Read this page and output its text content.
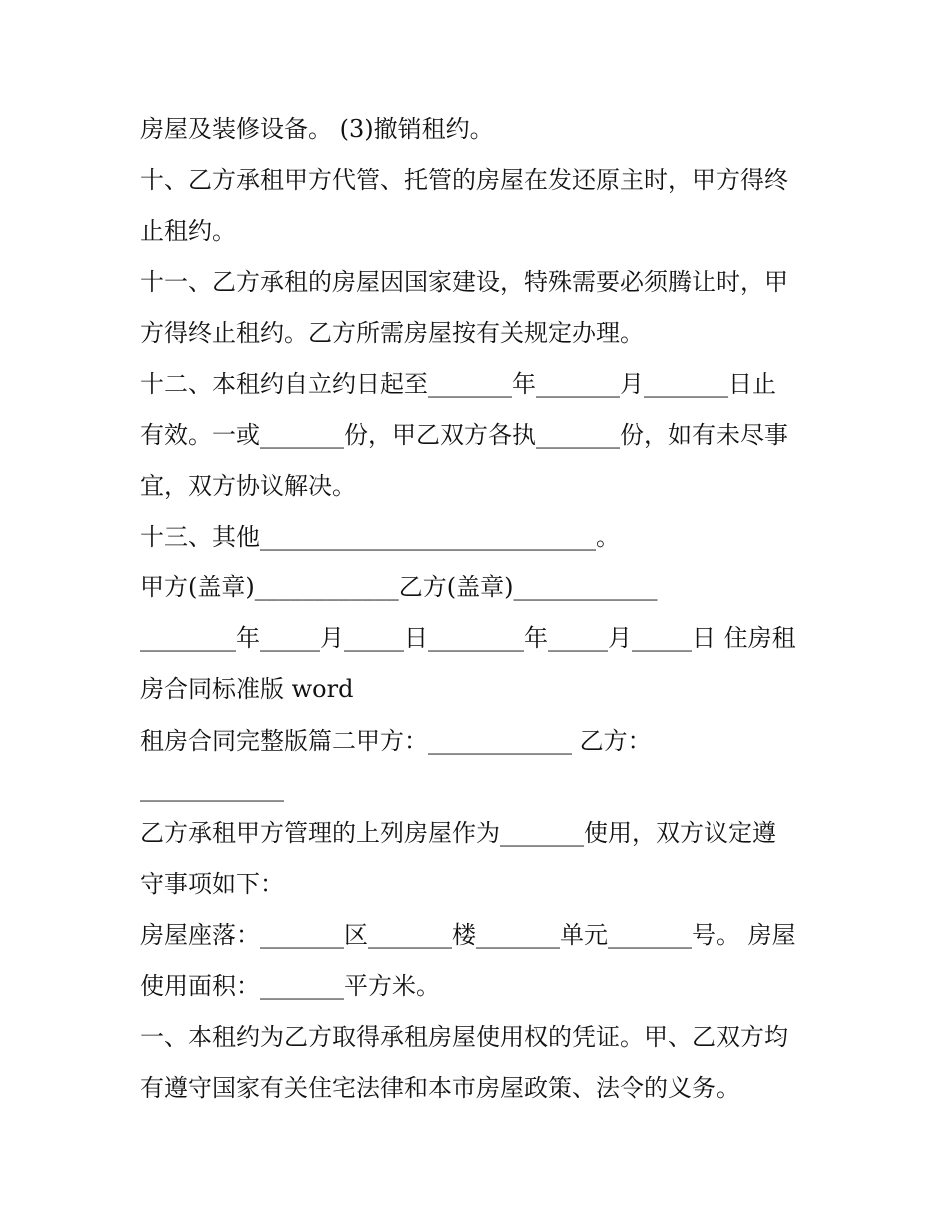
房屋及装修设备。 (3)撤销租约。
十、乙方承租甲方代管、托管的房屋在发还原主时，甲方得终
止租约。
十一、乙方承租的房屋因国家建设，特殊需要必须腾让时，甲
方得终止租约。乙方所需房屋按有关规定办理。
十二、本租约自立约日起至_______年_______月_______日止
有效。一或_______份，甲乙双方各执_______份，如有未尽事
宜，双方协议解决。
十三、其他____________________________。
甲方(盖章)____________乙方(盖章)____________
________年_____月_____日________年_____月_____日 住房租
房合同标准版 word
租房合同完整版篇二甲方：____________ 乙方：
____________
乙方承租甲方管理的上列房屋作为_______使用，双方议定遵
守事项如下：
房屋座落：_______区_______楼_______单元_______号。 房屋
使用面积：_______平方米。
一、本租约为乙方取得承租房屋使用权的凭证。甲、乙双方均
有遵守国家有关住宅法律和本市房屋政策、法令的义务。
